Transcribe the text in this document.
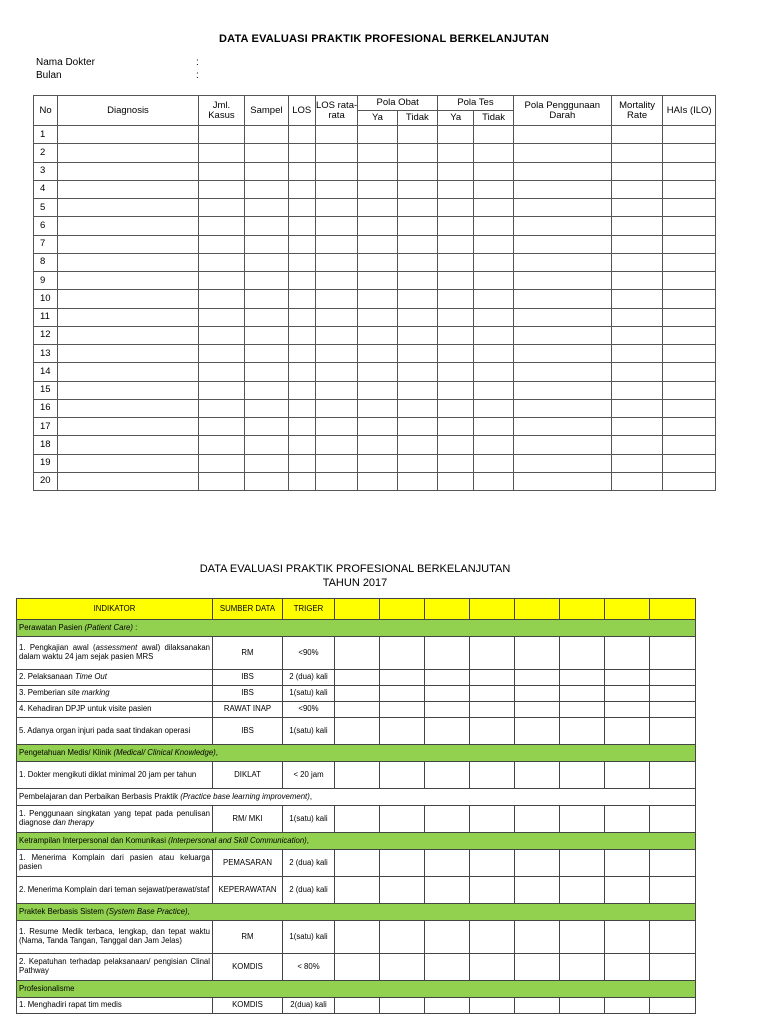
DATA EVALUASI PRAKTIK PROFESIONAL BERKELANJUTAN
Nama Dokter	:
Bulan	:
No	Diagnosis	Jml. Kasus	Sampel	LOS	LOS rata-rata	Pola Obat		Pola Tes		Pola Penggunaan Darah	Mortality Rate	HAIs (ILO)
						Ya	Tidak	Ya	Tidak			
1												
2												
3												
4												
5												
6												
7												
8												
9												
10												
11												
12												
13												
14												
15												
16												
17												
18												
19												
20												
DATA EVALUASI PRAKTIK PROFESIONAL BERKELANJUTAN
TAHUN 2017
INDIKATOR	SUMBER DATA	TRIGER								
Perawatan Pasien (Patient Care) :										
1. Pengkajian awal (assessment awal) dilaksanakan dalam waktu 24 jam sejak pasien MRS	RM	<90%								
2. Pelaksanaan Time Out	IBS	2 (dua) kali								
3. Pemberian site marking	IBS	1(satu) kali								
4. Kehadiran DPJP untuk visite pasien	RAWAT INAP	<90%								
5. Adanya organ injuri pada saat tindakan operasi	IBS	1(satu) kali								
Pengetahuan Medis/ Klinik (Medical/ Clinical Knowledge),										
1. Dokter mengikuti diklat minimal 20 jam per tahun	DIKLAT	< 20 jam								
Pembelajaran dan Perbaikan Berbasis Praktik (Practice base learning improvement),										
1. Penggunaan singkatan yang tepat pada penulisan diagnose dan therapy	RM/ MKI	1(satu) kali								
Ketrampilan Interpersonal dan Komunikasi (Interpersonal and Skill Communication),										
1. Menerima Komplain dari pasien atau keluarga pasien	PEMASARAN	2 (dua) kali								
2. Menerima Komplain dari teman sejawat/perawat/staf	KEPERAWATAN	2 (dua) kali								
Praktek Berbasis Sistem (System Base Practice),										
1. Resume Medik terbaca, lengkap, dan tepat waktu (Nama, Tanda Tangan, Tanggal dan Jam Jelas)	RM	1(satu) kali								
2. Kepatuhan terhadap pelaksanaan/ pengisian Clinal Pathway	KOMDIS	< 80%								
Profesionalisme										
1. Menghadiri rapat tim medis	KOMDIS	2(dua) kali								
